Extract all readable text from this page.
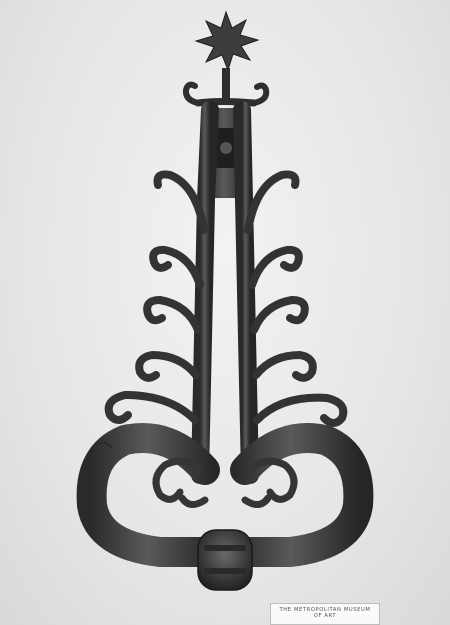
THE METROPOLITAN MUSEUM
OF ART
